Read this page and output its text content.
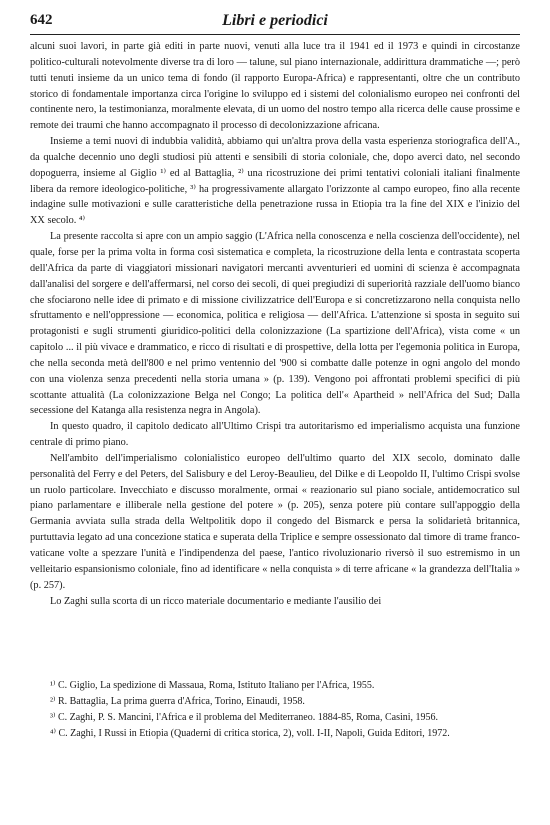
642	Libri e periodici

alcuni suoi lavori, in parte già editi in parte nuovi, venuti alla luce tra il 1941 ed il 1973 e quindi in circostanze politico-culturali notevolmente diverse tra di loro — talune, sul piano internazionale, addirittura drammatiche —; però tutti tenuti insieme da un unico tema di fondo (il rapporto Europa-Africa) e rappresentanti, oltre che un contributo storico di fondamentale importanza circa l'origine lo sviluppo ed i sistemi del colonialismo europeo nei confronti del continente nero, la testimonianza, moralmente elevata, di un uomo del nostro tempo alla ricerca delle cause prossime e remote dei traumi che hanno accompagnato il processo di decolonizzazione africana.

Insieme a temi nuovi di indubbia validità, abbiamo qui un'altra prova della vasta esperienza storiografica dell'A., da qualche decennio uno degli studiosi più attenti e sensibili di storia coloniale, che, dopo averci dato, nel secondo dopoguerra, insieme al Giglio ¹⁾ ed al Battaglia, ²⁾ una ricostruzione dei primi tentativi coloniali italiani finalmente libera da remore ideologico-politiche, ³⁾ ha progressivamente allargato l'orizzonte al campo europeo, fino alla recente indagine sulle motivazioni e sulle caratteristiche della penetrazione russa in Etiopia tra la fine del XIX e l'inizio del XX secolo. ⁴⁾

La presente raccolta si apre con un ampio saggio (L'Africa nella conoscenza e nella coscienza dell'occidente), nel quale, forse per la prima volta in forma così sistematica e completa, la ricostruzione della lenta e contrastata scoperta dell'Africa da parte di viaggiatori missionari navigatori mercanti avventurieri ed uomini di scienza è accompagnata dall'analisi del sorgere e dell'affermarsi, nel corso dei secoli, di quei pregiudizi di superiorità razziale dell'uomo bianco che sfociarono nelle idee di primato e di missione civilizzatrice dell'Europa e si concretizzarono nella conquista nello sfruttamento e nell'oppressione — economica, politica e religiosa — dell'Africa. L'attenzione si sposta in seguito sui protagonisti e sugli strumenti giuridico-politici della colonizzazione (La spartizione dell'Africa), vista come « un capitolo ... il più vivace e drammatico, e ricco di risultati e di prospettive, della lotta per l'egemonia politica in Europa, che nella seconda metà dell'800 e nel primo ventennio del '900 si combatte dalle potenze in ogni angolo del mondo con una violenza senza precedenti nella storia umana » (p. 139). Vengono poi affrontati problemi specifici di più scottante attualità (La colonizzazione Belga nel Congo; La politica dell'« Apartheid » nell'Africa del Sud; Dalla secessione del Katanga alla resistenza negra in Angola).

In questo quadro, il capitolo dedicato all'Ultimo Crispi tra autoritarismo ed imperialismo acquista una funzione centrale di primo piano.

Nell'ambito dell'imperialismo colonialistico europeo dell'ultimo quarto del XIX secolo, dominato dalle personalità del Ferry e del Peters, del Salisbury e del Leroy-Beaulieu, del Dilke e di Leopoldo II, l'ultimo Crispi svolse un ruolo particolare. Invecchiato e discusso moralmente, ormai « reazionario sul piano sociale, antidemocratico sul piano parlamentare e illiberale nella gestione del potere » (p. 205), senza potere più contare sull'appoggio della Germania avviata sulla strada della Weltpolitik dopo il congedo del Bismarck e persa la solidarietà britannica, purtuttavia legato ad una concezione statica e superata della Triplice e sempre ossessionato dal timore di trame franco-vaticane volte a spezzare l'unità e l'indipendenza del paese, l'antico rivoluzionario riversò il suo estremismo in un velleitario espansionismo coloniale, fino ad identificare « nella conquista » di terre africane « la grandezza dell'Italia » (p. 257).

Lo Zaghi sulla scorta di un ricco materiale documentario e mediante l'ausilio dei

¹⁾ C. Giglio, La spedizione di Massaua, Roma, Istituto Italiano per l'Africa, 1955.
²⁾ R. Battaglia, La prima guerra d'Africa, Torino, Einaudi, 1958.
³⁾ C. Zaghi, P. S. Mancini, l'Africa e il problema del Mediterraneo. 1884-85, Roma, Casini, 1956.
⁴⁾ C. Zaghi, I Russi in Etiopia (Quaderni di critica storica, 2), voll. I-II, Napoli, Guida Editori, 1972.
